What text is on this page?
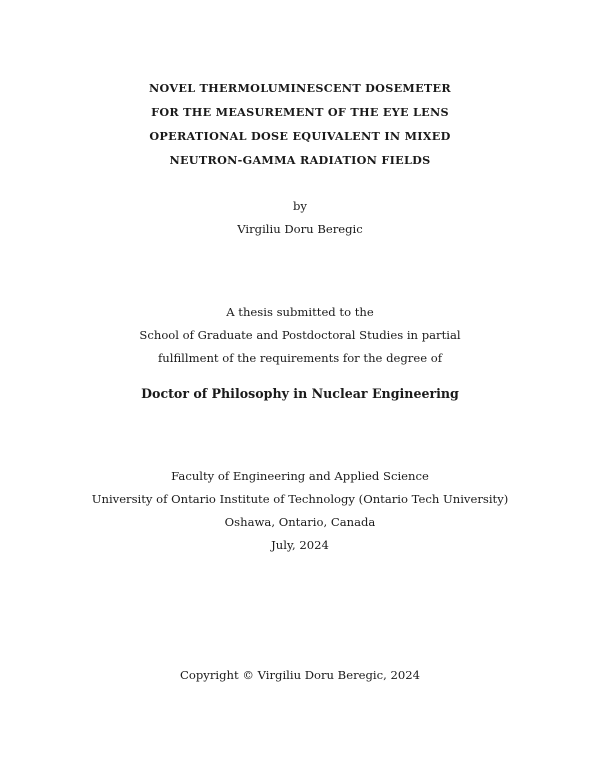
NOVEL THERMOLUMINESCENT DOSEMETER
FOR THE MEASUREMENT OF THE EYE LENS
OPERATIONAL DOSE EQUIVALENT IN MIXED
NEUTRON-GAMMA RADIATION FIELDS
by
Virgiliu Doru Beregic
A thesis submitted to the
School of Graduate and Postdoctoral Studies in partial
fulfillment of the requirements for the degree of
Doctor of Philosophy in Nuclear Engineering
Faculty of Engineering and Applied Science
University of Ontario Institute of Technology (Ontario Tech University)
Oshawa, Ontario, Canada
July, 2024
Copyright © Virgiliu Doru Beregic, 2024
